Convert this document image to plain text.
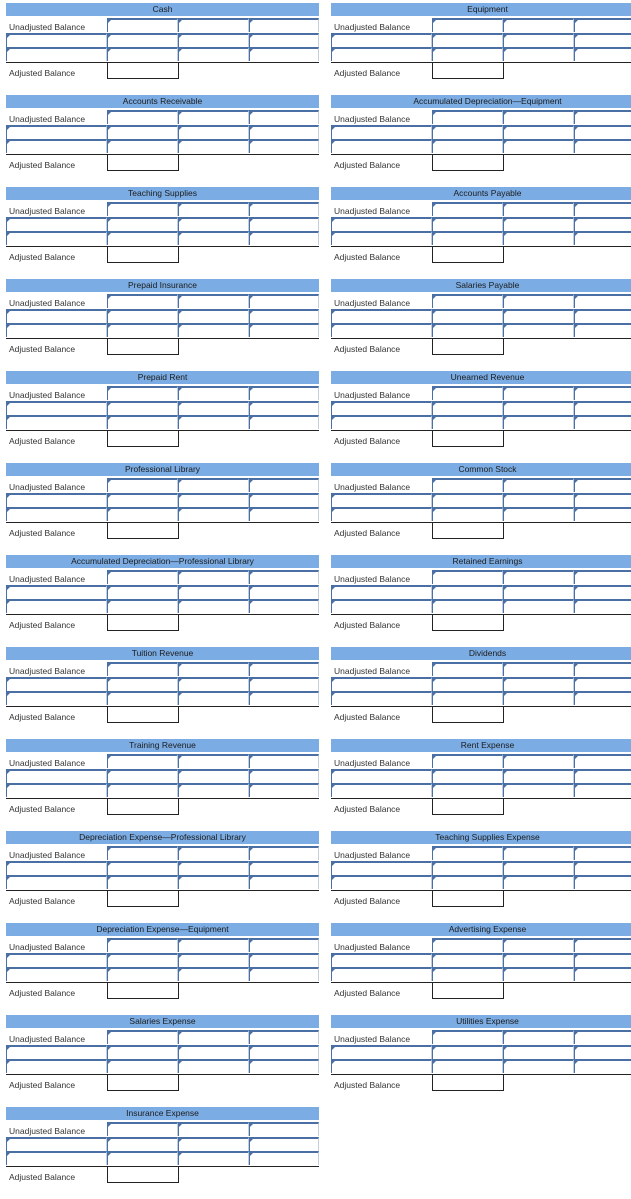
Cash
Unadjusted Balance
Adjusted Balance
Equipment
Unadjusted Balance
Adjusted Balance
Accounts Receivable
Unadjusted Balance
Adjusted Balance
Accumulated Depreciation—Equipment
Unadjusted Balance
Adjusted Balance
Teaching Supplies
Unadjusted Balance
Adjusted Balance
Accounts Payable
Unadjusted Balance
Adjusted Balance
Prepaid Insurance
Unadjusted Balance
Adjusted Balance
Salaries Payable
Unadjusted Balance
Adjusted Balance
Prepaid Rent
Unadjusted Balance
Adjusted Balance
Unearned Revenue
Unadjusted Balance
Adjusted Balance
Professional Library
Unadjusted Balance
Adjusted Balance
Common Stock
Unadjusted Balance
Adjusted Balance
Accumulated Depreciation—Professional Library
Unadjusted Balance
Adjusted Balance
Retained Earnings
Unadjusted Balance
Adjusted Balance
Tuition Revenue
Unadjusted Balance
Adjusted Balance
Dividends
Unadjusted Balance
Adjusted Balance
Training Revenue
Unadjusted Balance
Adjusted Balance
Rent Expense
Unadjusted Balance
Adjusted Balance
Depreciation Expense—Professional Library
Unadjusted Balance
Adjusted Balance
Teaching Supplies Expense
Unadjusted Balance
Adjusted Balance
Depreciation Expense—Equipment
Unadjusted Balance
Adjusted Balance
Advertising Expense
Unadjusted Balance
Adjusted Balance
Salaries Expense
Unadjusted Balance
Adjusted Balance
Utilities Expense
Unadjusted Balance
Adjusted Balance
Insurance Expense
Unadjusted Balance
Adjusted Balance
